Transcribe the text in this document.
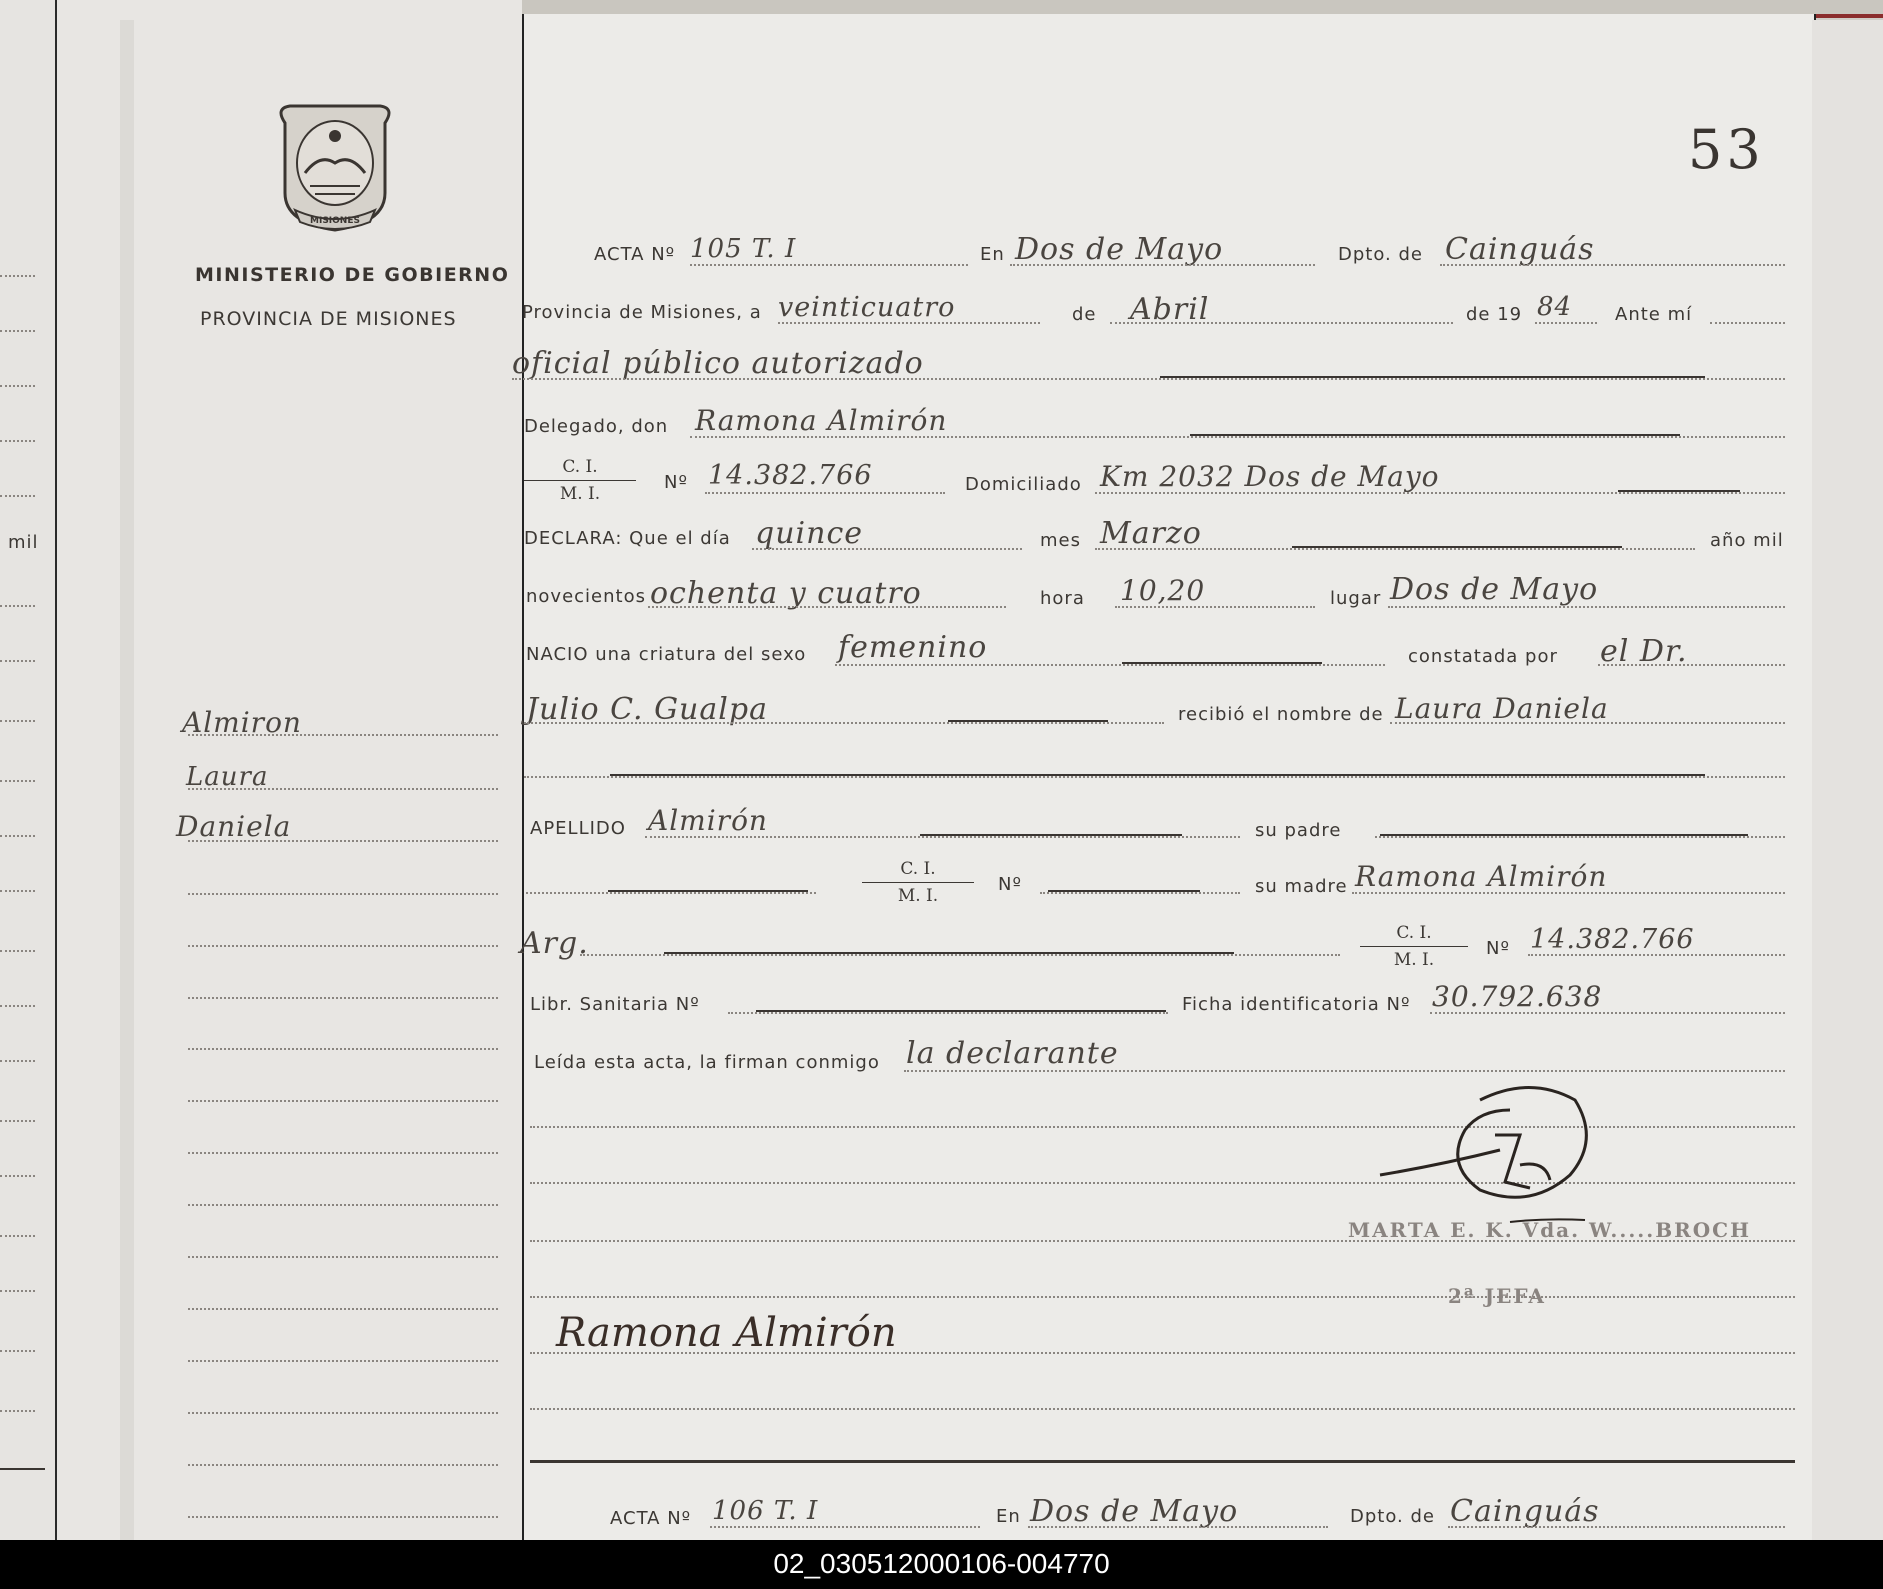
mil
MISIONES
MINISTERIO DE GOBIERNO
PROVINCIA DE MISIONES
Almiron
Laura
Daniela
53
ACTA Nº 105 T. I	En Dos de Mayo	Dpto. de Cainguás
Provincia de Misiones, a veinticuatro	de Abril	de 19 84 Ante mí
oficial público autorizado
Delegado, don Ramona Almirón
C. I.
M. I.
Nº 14.382.766	Domiciliado Km 2032 Dos de Mayo
DECLARA: Que el día quince	mes Marzo	año mil
novecientos ochenta y cuatro	hora 10,20	lugar Dos de Mayo
NACIO una criatura del sexo femenino	constatada por el Dr.
Julio C. Gualpa	recibió el nombre de Laura Daniela
APELLIDO Almirón	su padre
C. I.
M. I.
Nº	su madre Ramona Almirón
Arg.	C. I.
M. I.
Nº 14.382.766
Libr. Sanitaria Nº	Ficha identificatoria Nº 30.792.638
Leída esta acta, la firman conmigo la declarante
MARTA E. K. Vda. W.....BROCH
2ª JEFA
Ramona Almirón
ACTA Nº 106 T. I	En Dos de Mayo	Dpto. de Cainguás
02_030512000106-004770
